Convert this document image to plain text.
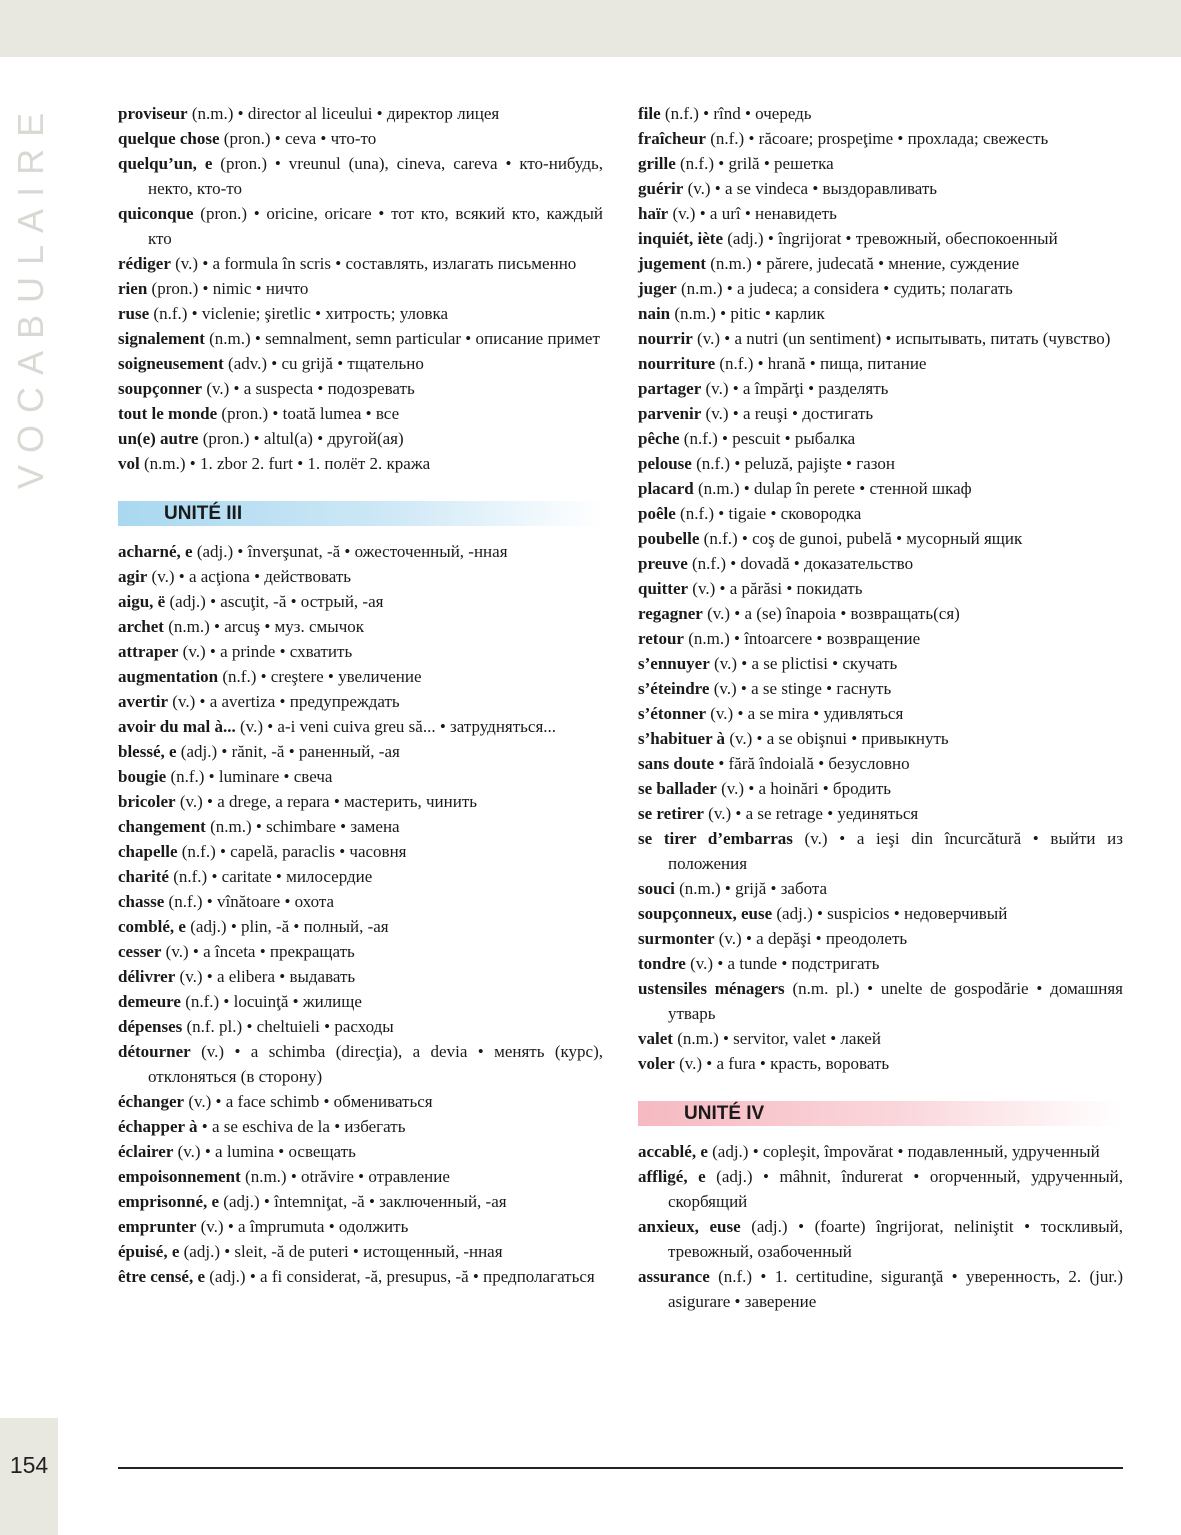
VOCABULAIRE	proviseur (n.m.) • director al liceului • директор лицея

quelque chose (pron.) • ceva • что-то

quelqu’un, e (pron.) • vreunul (una), cineva, careva • кто-нибудь, некто, кто-то

quiconque (pron.) • oricine, oricare • тот кто, всякий кто, каждый кто

rédiger (v.) • a formula în scris • составлять, излагать письменно

rien (pron.) • nimic • ничто

ruse (n.f.) • viclenie; şiretlic • хитрость; уловка

signalement (n.m.) • semnalment, semn particular • описание примет

soigneusement (adv.) • cu grijă • тщательно

soupçonner (v.) • a suspecta • подозревать

tout le monde (pron.) • toată lumea • все

un(e) autre (pron.) • altul(a) • другой(ая)

vol (n.m.) • 1. zbor 2. furt • 1. полёт 2. кража

UNITÉ III

acharné, e (adj.) • înverşunat, -ă • ожесточенный, -нная

agir (v.) • a acţiona • действовать

aigu, ë (adj.) • ascuţit, -ă • острый, -ая

archet (n.m.) • arcuş • муз. смычок

attraper (v.) • a prinde • схватить

augmentation (n.f.) • creştere • увеличение

avertir (v.) • a avertiza • предупреждать

avoir du mal à... (v.) • a-i veni cuiva greu să... • затрудняться...

blessé, e (adj.) • rănit, -ă • раненный, -ая

bougie (n.f.) • luminare • свеча

bricoler (v.) • a drege, a repara • мастерить, чинить

changement (n.m.) • schimbare • замена

chapelle (n.f.) • capelă, paraclis • часовня

charité (n.f.) • caritate • милосердие

chasse (n.f.) • vînătoare • охота

comblé, e (adj.) • plin, -ă • полный, -ая

cesser (v.) • a înceta • прекращать

délivrer (v.) • a elibera • выдавать

demeure (n.f.) • locuinţă • жилище

dépenses (n.f. pl.) • cheltuieli • расходы

détourner (v.) • a schimba (direcţia), a devia • менять (курс), отклоняться (в сторону)

échanger (v.) • a face schimb • обмениваться

échapper à • a se eschiva de la • избегать

éclairer (v.) • a lumina • освещать

empoisonnement (n.m.) • otrăvire • отравление

emprisonné, e (adj.) • întemniţat, -ă • заключенный, -ая

emprunter (v.) • a împrumuta • одолжить

épuisé, e (adj.) • sleit, -ă de puteri • истощенный, -нная

être censé, e (adj.) • a fi considerat, -ă, presupus, -ă • предполагаться

file (n.f.) • rînd • очередь

fraîcheur (n.f.) • răcoare; prospeţime • прохлада; свежесть

grille (n.f.) • grilă • решетка

guérir (v.) • a se vindeca • выздоравливать

haïr (v.) • a urî • ненавидеть

inquiét, iète (adj.) • îngrijorat • тревожный, обеспокоенный

jugement (n.m.) • părere, judecată • мнение, суждение

juger (n.m.) • a judeca; a considera • судить; полагать

nain (n.m.) • pitic • карлик

nourrir (v.) • a nutri (un sentiment) • испытывать, питать (чувство)

nourriture (n.f.) • hrană • пища, питание

partager (v.) • a împărţi • разделять

parvenir (v.) • a reuşi • достигать

pêche (n.f.) • pescuit • рыбалка

pelouse (n.f.) • peluză, pajişte • газон

placard (n.m.) • dulap în perete • стенной шкаф

poêle (n.f.) • tigaie • сковородка

poubelle (n.f.) • coş de gunoi, pubelă • мусорный ящик

preuve (n.f.) • dovadă • доказательство

quitter (v.) • a părăsi • покидать

regagner (v.) • a (se) înapoia • возвращать(ся)

retour (n.m.) • întoarcere • возвращение

s’ennuyer (v.) • a se plictisi • скучать

s’éteindre (v.) • a se stinge • гаснуть

s’étonner (v.) • a se mira • удивляться

s’habituer à (v.) • a se obişnui • привыкнуть

sans doute • fără îndoială • безусловно

se ballader (v.) • a hoinări • бродить

se retirer (v.) • a se retrage • уединяться

se tirer d’embarras (v.) • a ieşi din încurcătură • выйти из положения

souci (n.m.) • grijă • забота

soupçonneux, euse (adj.) • suspicios • недоверчивый

surmonter (v.) • a depăşi • преодолеть

tondre (v.) • a tunde • подстригать

ustensiles ménagers (n.m. pl.) • unelte de gospodărie • домашняя утварь

valet (n.m.) • servitor, valet • лакей

voler (v.) • a fura • красть, воровать

UNITÉ IV

accablé, e (adj.) • copleşit, împovărat • подавленный, удрученный

affligé, e (adj.) • mâhnit, îndurerat • огорченный, удрученный, скорбящий

anxieux, euse (adj.) • (foarte) îngrijorat, neliniştit • тоскливый, тревожный, озабоченный

assurance (n.f.) • 1. certitudine, siguranţă • уверенность, 2. (jur.) asigurare • заверение

154
